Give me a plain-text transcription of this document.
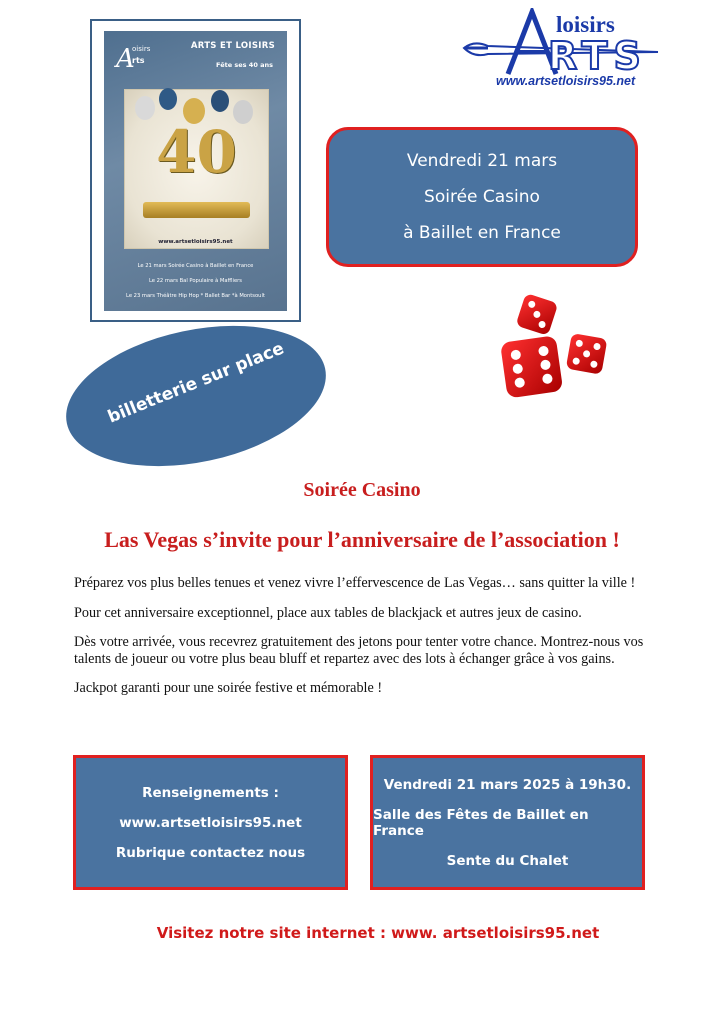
ARTS ET LOISIRS
Fête ses 40 ans
A
oisirs
rts
40
www.artsetloisirs95.net
Le 21 mars Soirée Casino à Baillet en France
Le 22 mars Bal Populaire à Maffliers
Le 23 mars Théâtre Hip Hop * Ballet Bar *à Montsoult
loisirs
RTS
www.artsetloisirs95.net
Vendredi 21 mars
Soirée Casino
à Baillet en France
billetterie sur place
Soirée Casino
Las Vegas s’invite pour l’anniversaire de l’association !

Préparez vos plus belles tenues et venez vivre l’effervescence de Las Vegas… sans quitter la ville !

Pour cet anniversaire exceptionnel, place aux tables de blackjack et autres jeux de casino.

Dès votre arrivée, vous recevrez gratuitement des jetons pour tenter votre chance. Montrez-nous vos talents de joueur ou votre plus beau bluff et repartez avec des lots à échanger grâce à vos gains.

Jackpot garanti pour une soirée festive et mémorable !

Renseignements :
www.artsetloisirs95.net
Rubrique contactez nous
Vendredi 21 mars 2025 à 19h30.
Salle des Fêtes de Baillet en France
Sente du Chalet
Visitez notre site internet : www. artsetloisirs95.net
